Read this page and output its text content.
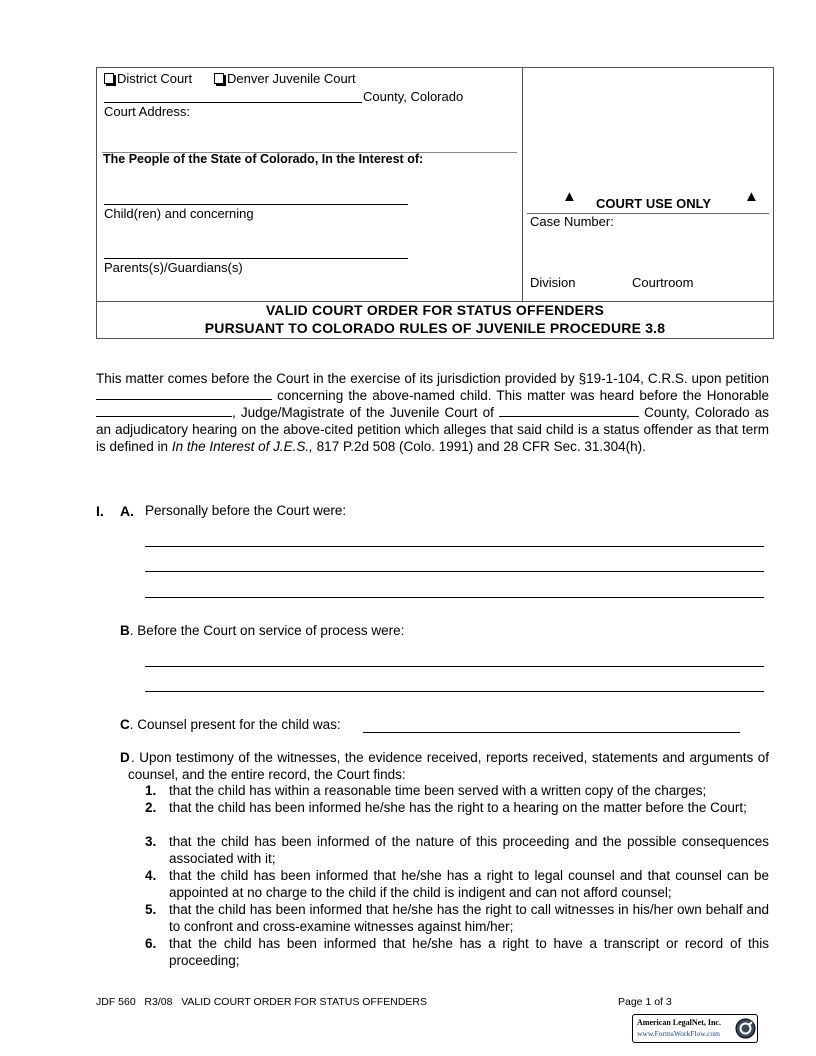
District Court	Denver Juvenile Court
County, Colorado
Court Address:
The People of the State of Colorado, In the Interest of:
Child(ren) and concerning
Parents(s)/Guardians(s)
▲ COURT USE ONLY ▲
Case Number:
Division	Courtroom
VALID COURT ORDER FOR STATUS OFFENDERS
PURSUANT TO COLORADO RULES OF JUVENILE PROCEDURE 3.8
This matter comes before the Court in the exercise of its jurisdiction provided by §19-1-104, C.R.S. upon petition  concerning the above-named child. This matter was heard before the Honorable , Judge/Magistrate of the Juvenile Court of	County, Colorado as an adjudicatory hearing on the above-cited petition which alleges that said child is a status offender as that term is defined in In the Interest of J.E.S., 817 P.2d 508 (Colo. 1991) and 28 CFR Sec. 31.304(h).
I. A. Personally before the Court were:
B. Before the Court on service of process were:
C. Counsel present for the child was:
D . Upon testimony of the witnesses, the evidence received, reports received, statements and arguments of counsel, and the entire record, the Court finds:
1. that the child has within a reasonable time been served with a written copy of the charges;
2. that the child has been informed he/she has the right to a hearing on the matter before the Court;
3. that the child has been informed of the nature of this proceeding and the possible consequences associated with it;
4. that the child has been informed that he/she has a right to legal counsel and that counsel can be appointed at no charge to the child if the child is indigent and can not afford counsel;
5. that the child has been informed that he/she has the right to call witnesses in his/her own behalf and to confront and cross-examine witnesses against him/her;
6. that the child has been informed that he/she has a right to have a transcript or record of this proceeding;
JDF 560   R3/08   VALID COURT ORDER FOR STATUS OFFENDERS	Page 1 of 3
American LegalNet, Inc.
www.FormsWorkFlow.com
